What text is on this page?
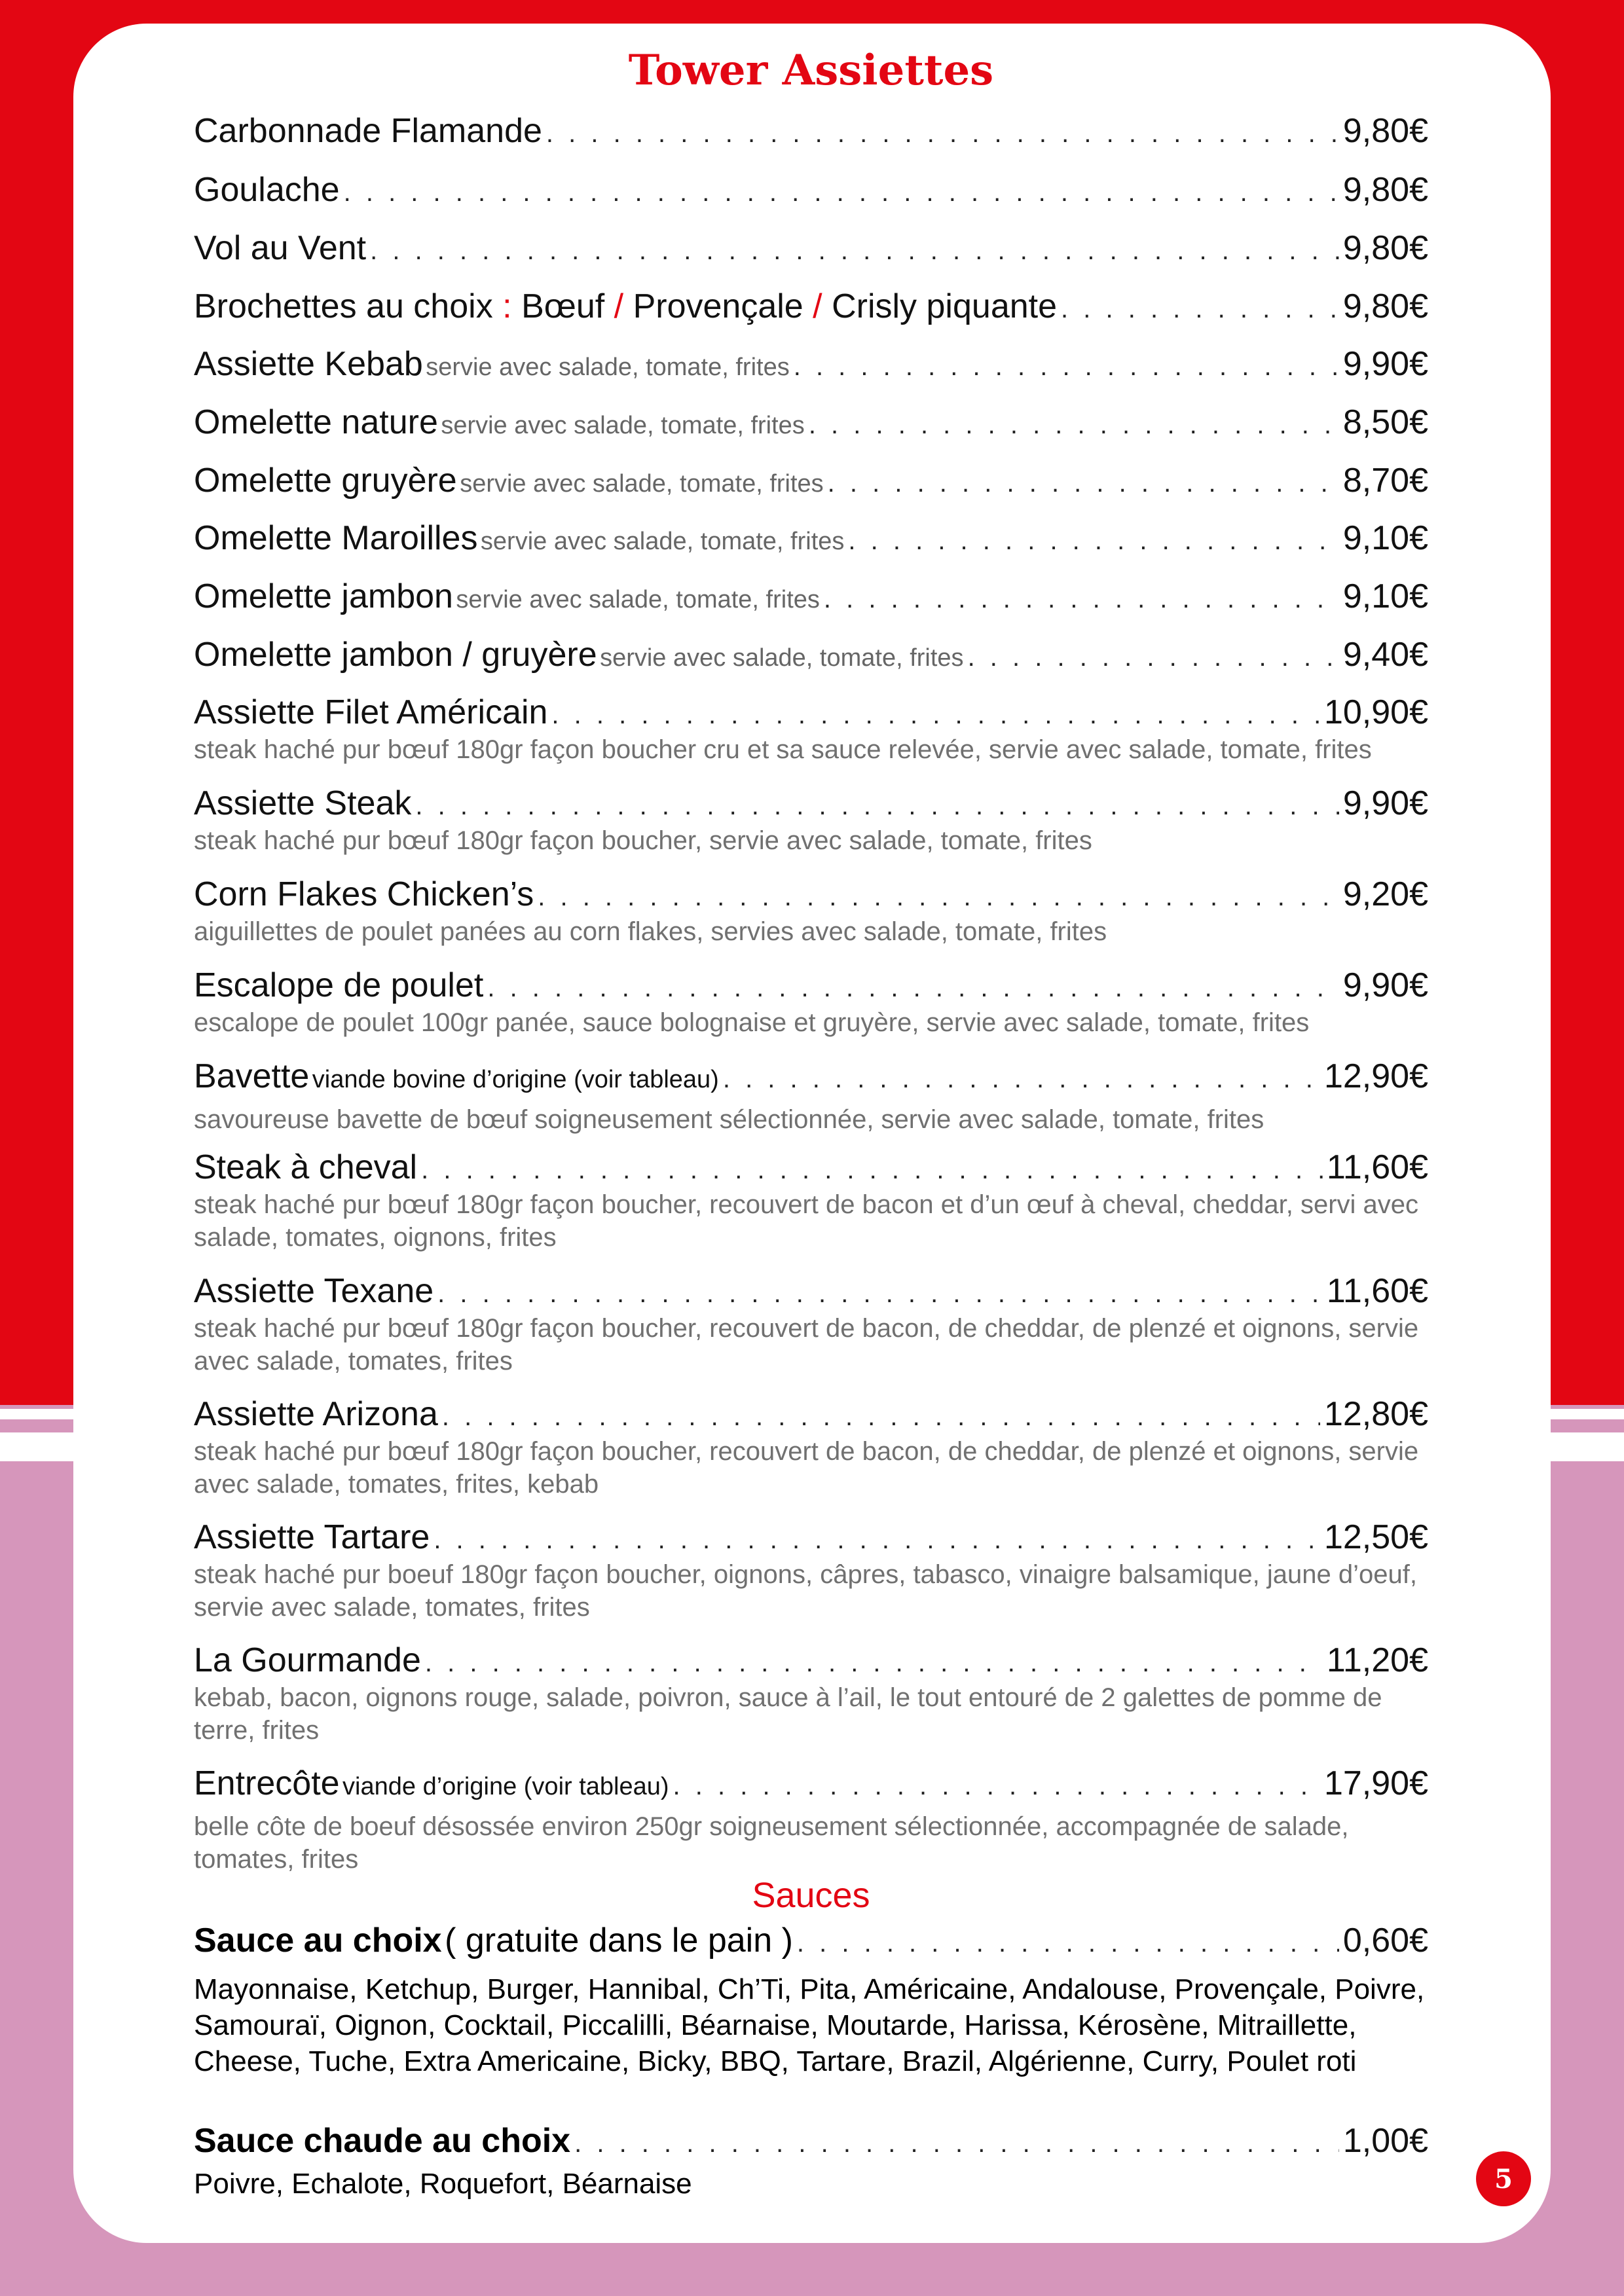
Tower Assiettes
Carbonnade Flamande . . .	9,80€
Goulache . . .	9,80€
Vol au Vent . . .	9,80€
Brochettes au choix : Bœuf / Provençale / Crisly piquante . . .	9,80€
Assiette Kebab
servie avec salade, tomate, frites . . .	9,90€
Omelette nature
servie avec salade, tomate, frites . . .	8,50€
Omelette gruyère
servie avec salade, tomate, frites . . .	8,70€
Omelette Maroilles
servie avec salade, tomate, frites . . .	9,10€
Omelette jambon
servie avec salade, tomate, frites . . .	9,10€
Omelette jambon / gruyère
servie avec salade, tomate, frites . . .	9,40€
Assiette Filet Américain . . .	10,90€
steak haché pur bœuf 180gr façon boucher cru et sa sauce relevée, servie avec salade, tomate, frites
Assiette Steak . . .	9,90€
steak haché pur bœuf 180gr façon boucher, servie avec salade, tomate, frites
Corn Flakes Chicken’s . . .	9,20€
aiguillettes de poulet panées au corn flakes, servies avec salade, tomate, frites
Escalope de poulet . . .	9,90€
escalope de poulet 100gr panée, sauce bolognaise et gruyère, servie avec salade, tomate, frites
Bavette
viande bovine d’origine (voir tableau) . . .	12,90€
savoureuse bavette de bœuf soigneusement sélectionnée, servie avec salade, tomate, frites
Steak à cheval . . .	11,60€
steak haché pur bœuf 180gr façon boucher, recouvert de bacon et d’un œuf à cheval, cheddar, servi avec salade, tomates, oignons, frites
Assiette Texane . . .	11,60€
steak haché pur bœuf 180gr façon boucher, recouvert de bacon, de cheddar, de plenzé et oignons, servie avec salade, tomates, frites
Assiette Arizona . . .	12,80€
steak haché pur bœuf 180gr façon boucher, recouvert de bacon, de cheddar, de plenzé et oignons, servie avec salade, tomates, frites, kebab
Assiette Tartare . . .	12,50€
steak haché pur boeuf 180gr façon boucher, oignons, câpres, tabasco, vinaigre balsamique, jaune d’oeuf, servie avec salade, tomates, frites
La Gourmande . . .	11,20€
kebab, bacon, oignons rouge, salade, poivron, sauce à l’ail, le tout entouré de 2 galettes de pomme de terre, frites
Entrecôte
viande d’origine (voir tableau) . . .	17,90€
belle côte de boeuf désossée environ 250gr soigneusement sélectionnée, accompagnée de salade, tomates, frites
Sauces
Sauce au choix
( gratuite dans le pain ) . . .	0,60€
Mayonnaise, Ketchup, Burger, Hannibal, Ch’Ti, Pita, Américaine, Andalouse, Provençale, Poivre, Samouraï, Oignon, Cocktail, Piccalilli, Béarnaise, Moutarde, Harissa, Kérosène, Mitraillette, Cheese, Tuche, Extra Americaine, Bicky, BBQ, Tartare, Brazil, Algérienne, Curry, Poulet roti
Sauce chaude au choix . . .	1,00€
Poivre, Echalote, Roquefort, Béarnaise	5
